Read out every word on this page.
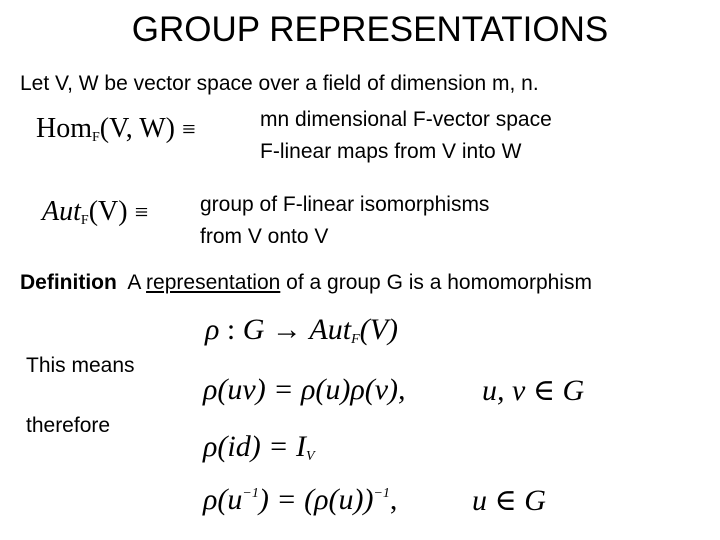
GROUP REPRESENTATIONS
Let V, W be vector space over a field of dimension m, n.
Hom$_F$(V, W) ≡	mn dimensional F-vector space
F-linear maps from V into W
Aut$_F$(V) ≡ group of F-linear isomorphisms
from V onto V
Definition A representation of a group G is a homomorphism
ρ : G → Aut$_F$(V)
This means
ρ(uv) = ρ(u)ρ(v),	u, v ∈ G
therefore
$\rho(id) = I_V$
$\rho(u^{-1}) = (\rho(u))^{-1}$, u ∈ G
